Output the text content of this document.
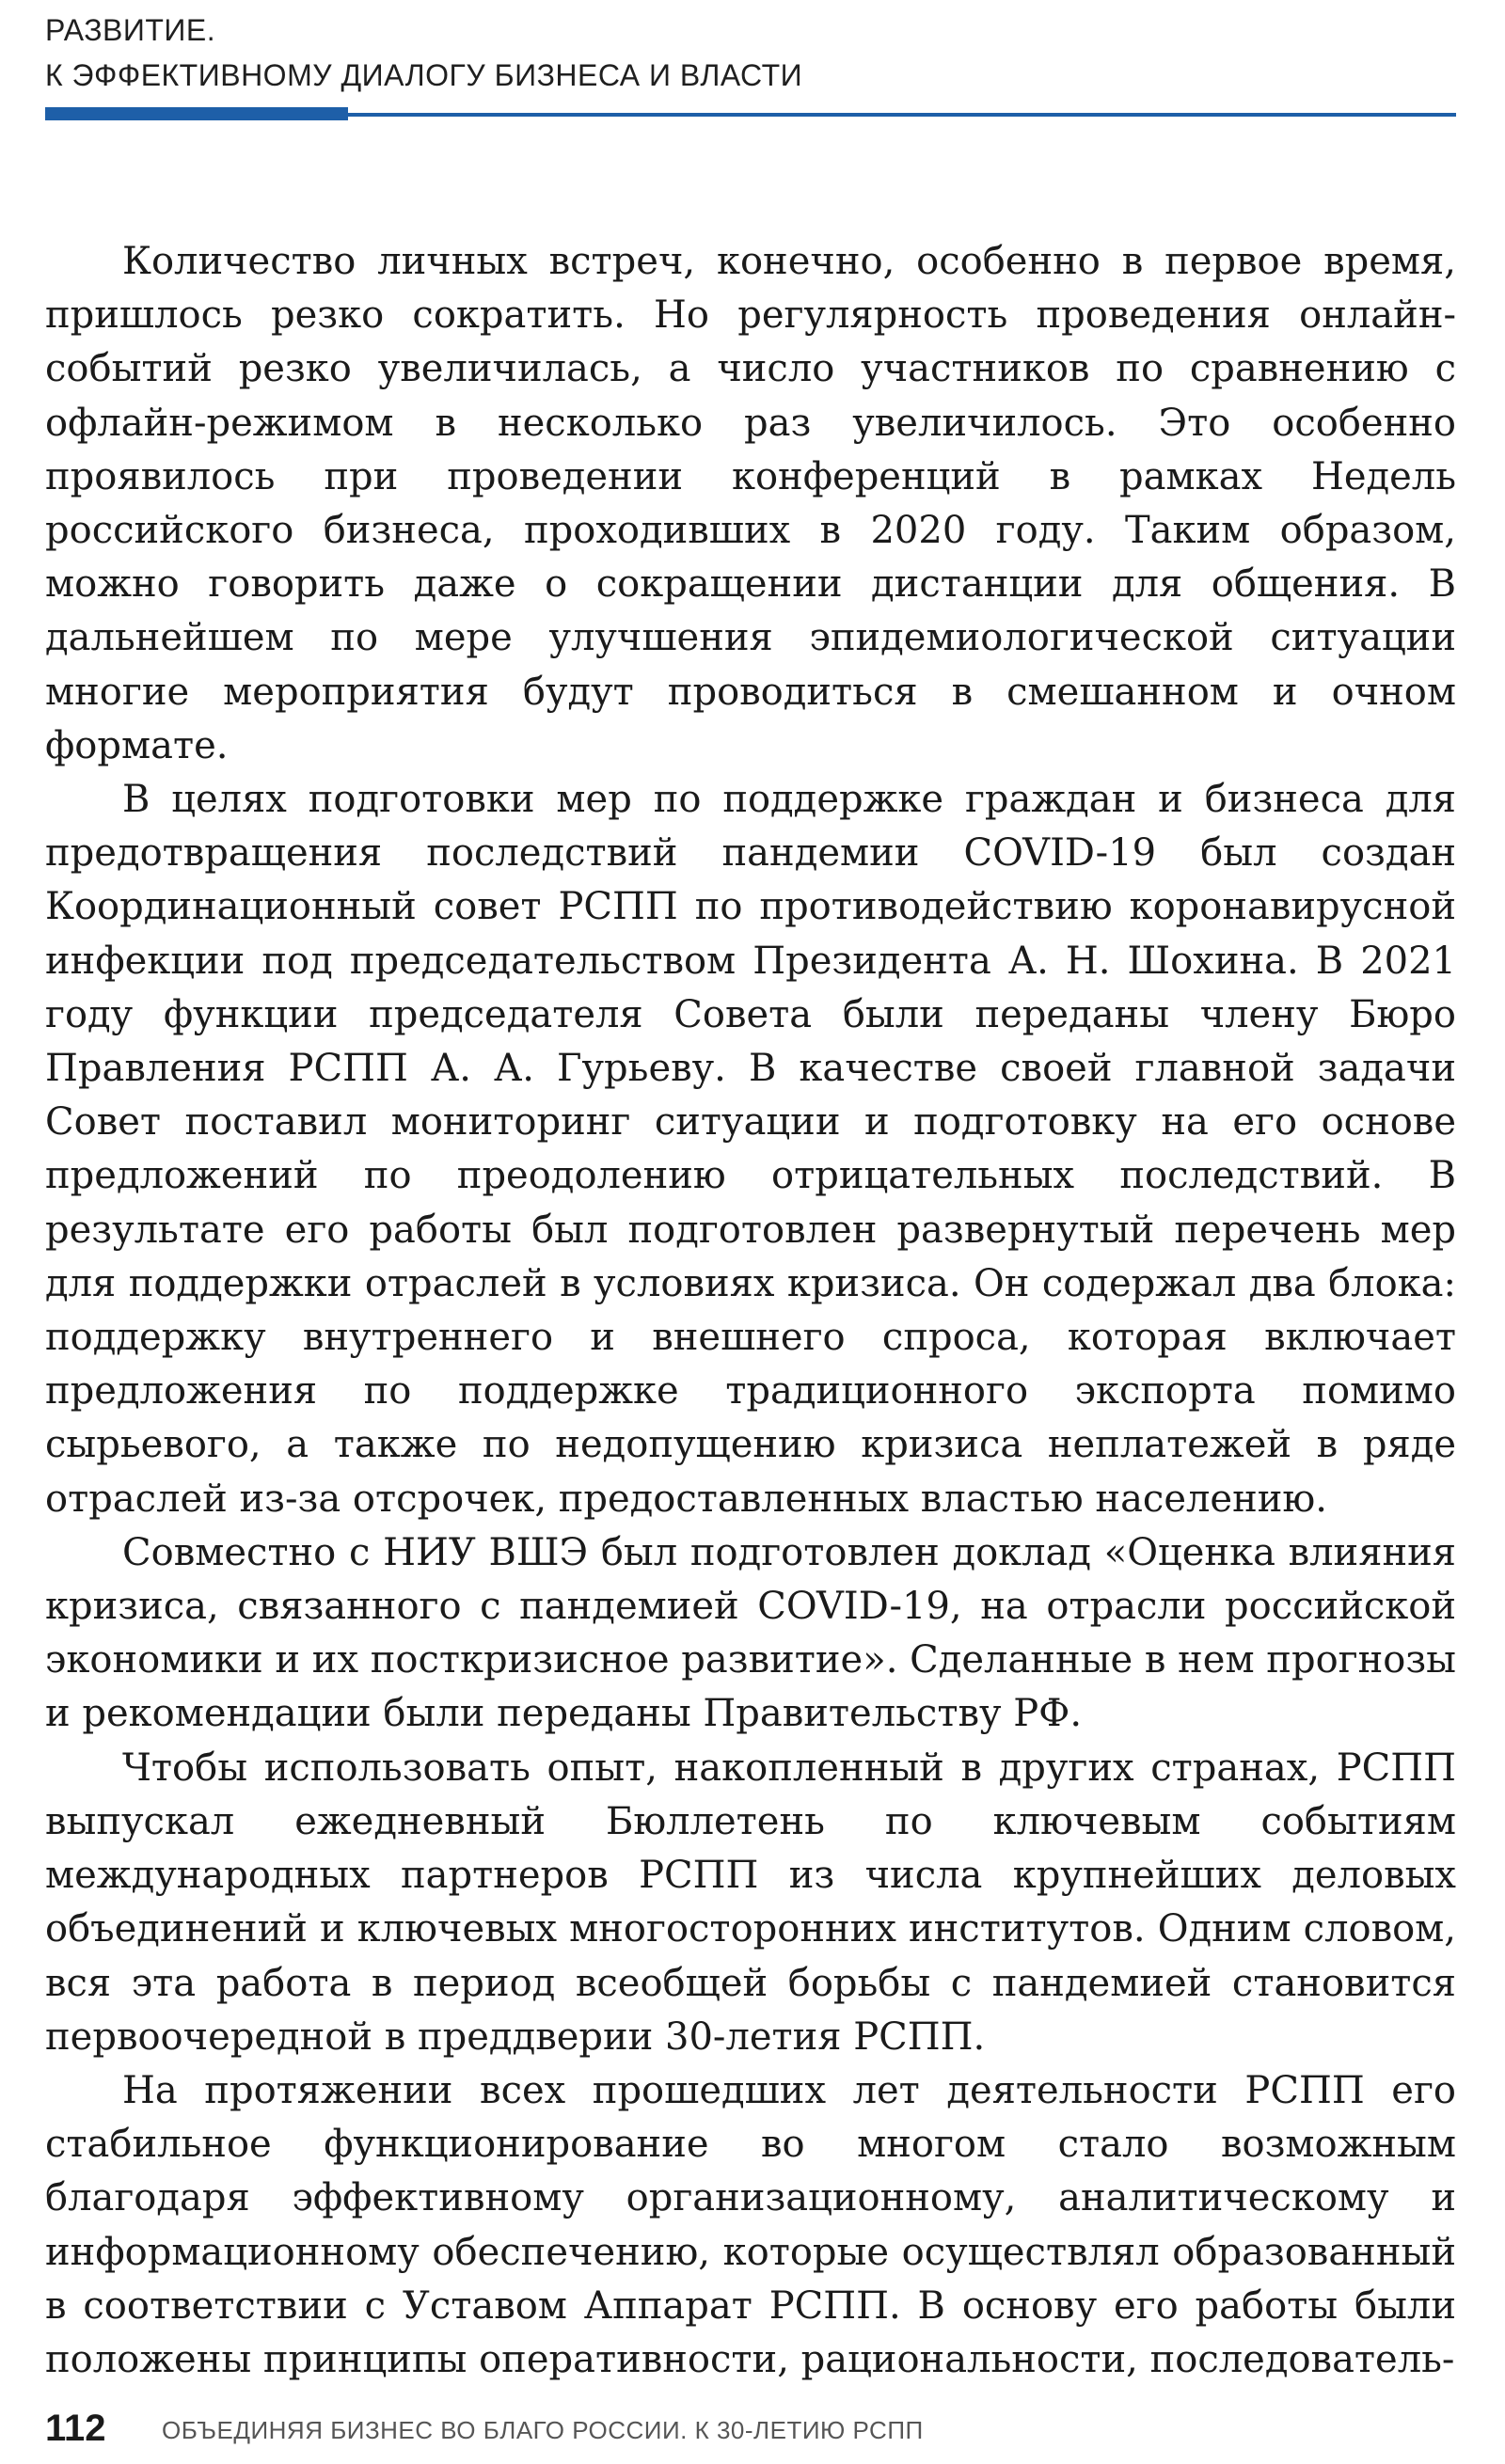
РАЗВИТИЕ.
К ЭФФЕКТИВНОМУ ДИАЛОГУ БИЗНЕСА И ВЛАСТИ

Количество личных встреч, конечно, особенно в первое время, пришлось резко сократить. Но регулярность проведения онлайн-событий резко увеличилась, а число участников по сравнению с офлайн-режимом в несколько раз увеличилось. Это особенно проявилось при проведении конференций в рамках Недель российского бизнеса, проходивших в 2020 году. Таким образом, можно говорить даже о сокращении дистанции для общения. В дальнейшем по мере улучшения эпидемиологической ситуации многие мероприятия будут проводиться в смешанном и очном формате.

В целях подготовки мер по поддержке граждан и бизнеса для предотвращения последствий пандемии COVID-19 был создан Координационный совет РСПП по противодействию коронавирусной инфекции под председательством Президента А. Н. Шохина. В 2021 году функции председателя Совета были переданы члену Бюро Правления РСПП А. А. Гурьеву. В качестве своей главной задачи Совет поставил мониторинг ситуации и подготовку на его основе предложений по преодолению отрицательных последствий. В результате его работы был подготовлен развернутый перечень мер для поддержки отраслей в условиях кризиса. Он содержал два блока: поддержку внутреннего и внешнего спроса, которая включает предложения по поддержке традиционного экспорта помимо сырьевого, а также по недопущению кризиса неплатежей в ряде отраслей из-за отсрочек, предоставленных властью населению.

Совместно с НИУ ВШЭ был подготовлен доклад «Оценка влияния кризиса, связанного с пандемией COVID-19, на отрасли российской экономики и их посткризисное развитие». Сделанные в нем прогнозы и рекомендации были переданы Правительству РФ.

Чтобы использовать опыт, накопленный в других странах, РСПП выпускал ежедневный Бюллетень по ключевым событиям международных партнеров РСПП из числа крупнейших деловых объединений и ключевых многосторонних институтов. Одним словом, вся эта работа в период всеобщей борьбы с пандемией становится первоочередной в преддверии 30-летия РСПП.

На протяжении всех прошедших лет деятельности РСПП его стабильное функционирование во многом стало возможным благодаря эффективному организационному, аналитическому и информационному обеспечению, которые осуществлял образованный в соответствии с Уставом Аппарат РСПП. В основу его работы были положены принципы оперативности, рациональности, последователь-

112 ОБЪЕДИНЯЯ БИЗНЕС ВО БЛАГО РОССИИ. К 30-ЛЕТИЮ РСПП
